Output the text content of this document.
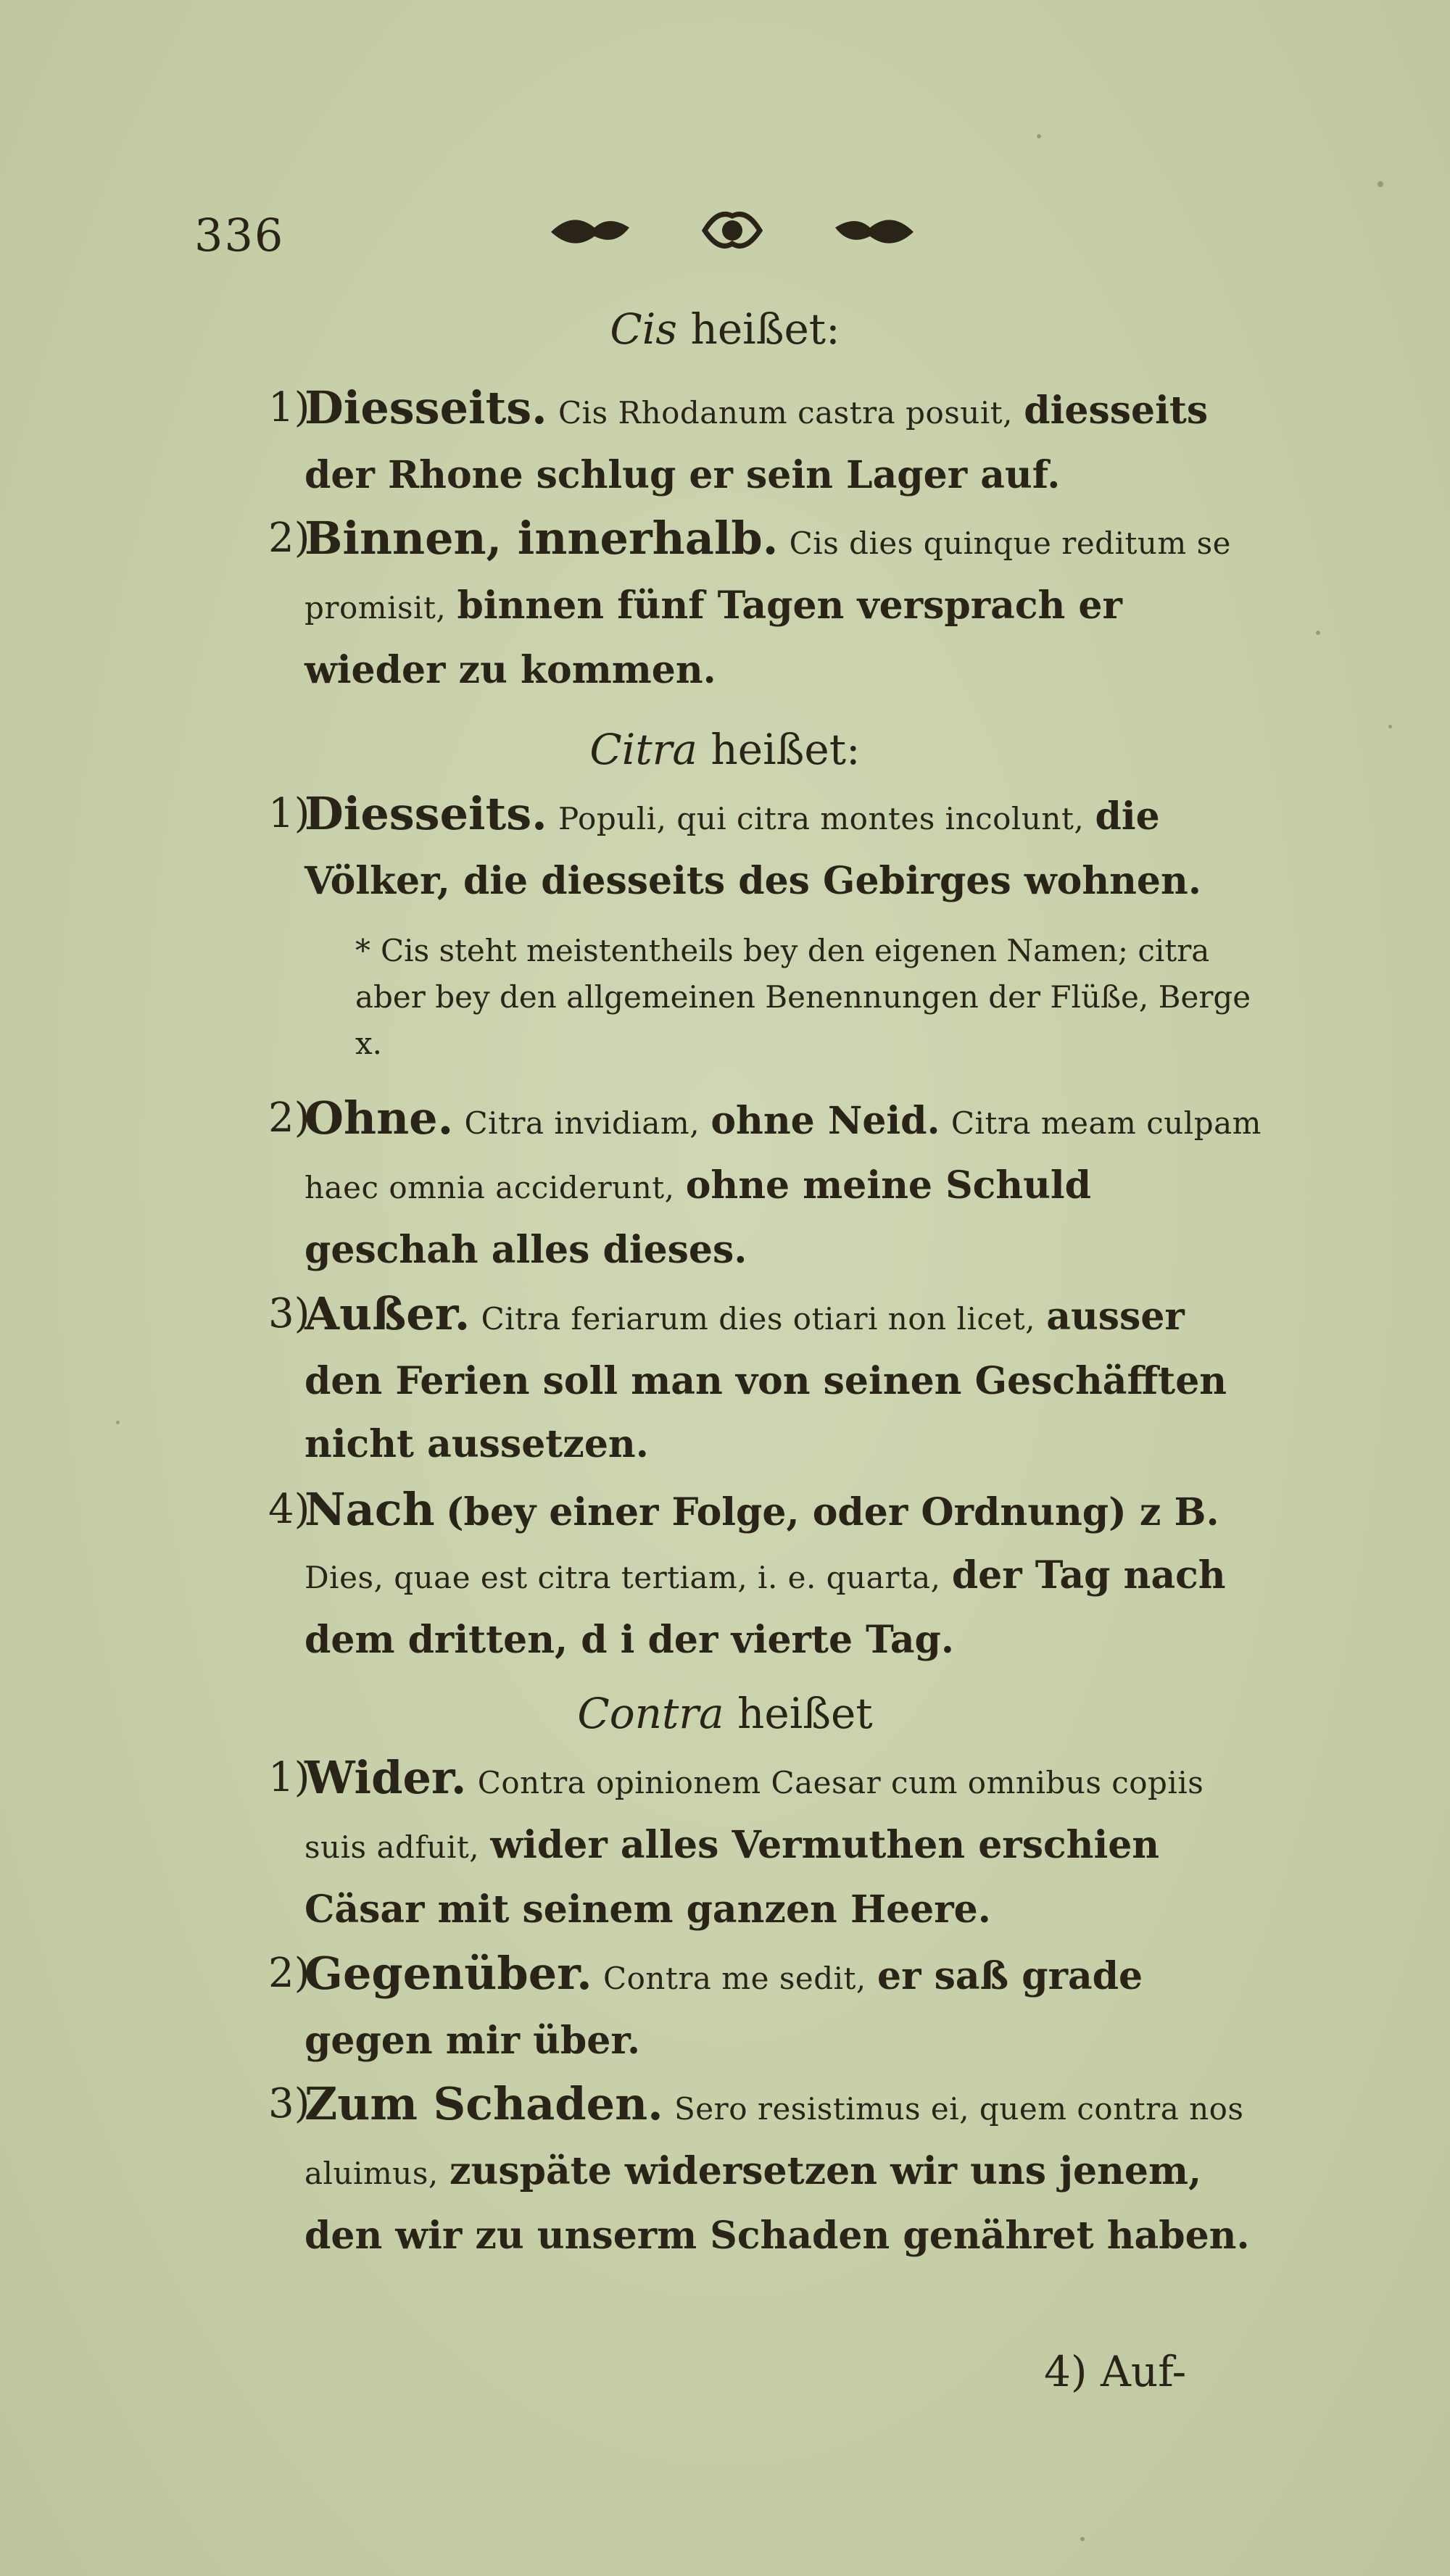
336
Cis heißet:
1)
Diesseits. Cis Rhodanum castra posuit, diesseits der Rhone schlug er sein Lager auf.
2)
Binnen, innerhalb. Cis dies quinque reditum se promisit, binnen fünf Tagen versprach er wieder zu kommen.
Citra heißet:
1)
Diesseits. Populi, qui citra montes incolunt, die Völker, die diesseits des Gebirges wohnen.
* Cis steht meistentheils bey den eigenen Namen; citra aber bey den allgemeinen Benennungen der Flüße, Berge x.
2)
Ohne. Citra invidiam, ohne Neid. Citra meam culpam haec omnia acciderunt, ohne meine Schuld geschah alles dieses.
3)
Außer. Citra feriarum dies otiari non licet, ausser den Ferien soll man von seinen Geschäfften nicht aussetzen.
4)
Nach (bey einer Folge, oder Ordnung) z B. Dies, quae est citra tertiam, i. e. quarta, der Tag nach dem dritten, d i der vierte Tag.
Contra heißet
1)
Wider. Contra opinionem Caesar cum omnibus copiis suis adfuit, wider alles Vermuthen erschien Cäsar mit seinem ganzen Heere.
2)
Gegenüber. Contra me sedit, er saß grade gegen mir über.
3)
Zum Schaden. Sero resistimus ei, quem contra nos aluimus, zuspäte widersetzen wir uns jenem, den wir zu unserm Schaden genähret haben.
4) Auf-
